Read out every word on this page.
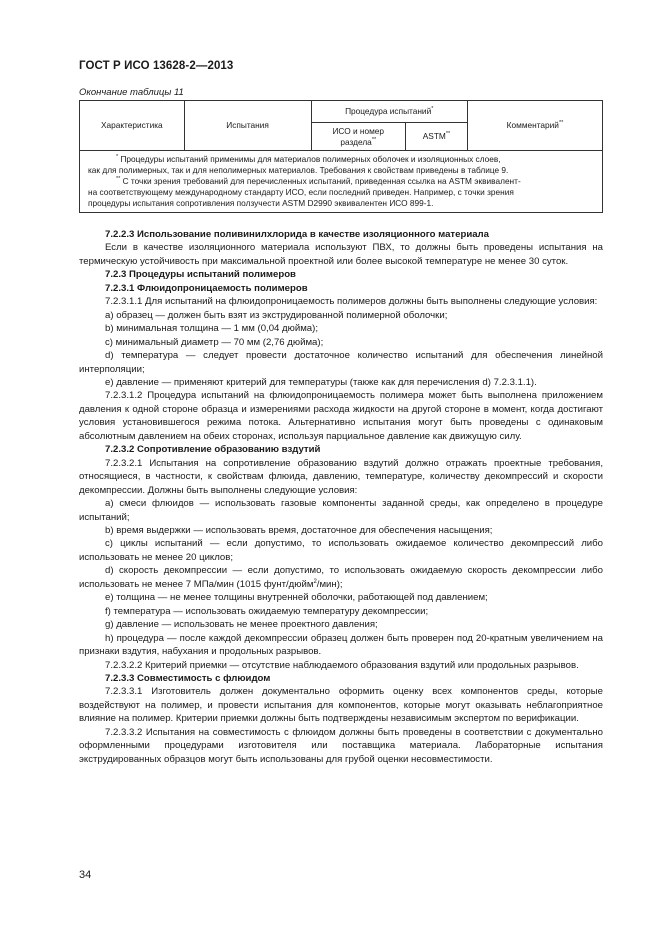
ГОСТ Р ИСО 13628-2—2013
Окончание таблицы 11
Характеристика	Испытания	Процедура испытаний*		Комментарий**
		ИСО и номер раздела**	ASTM**

* Процедуры испытаний применимы для материалов полимерных оболочек и изоляционных слоев,

как для полимерных, так и для неполимерных материалов. Требования к свойствам приведены в таблице 9.

** С точки зрения требований для перечисленных испытаний, приведенная ссылка на ASTM эквивалент-

на соответствующему международному стандарту ИСО, если последний приведен. Например, с точки зрения

процедуры испытания сопротивления ползучести ASTM D2990 эквивалентен ИСО 899-1.				

7.2.2.3 Использование поливинилхлорида в качестве изоляционного материала

Если в качестве изоляционного материала используют ПВХ, то должны быть проведены испытания на термическую устойчивость при максимальной проектной или более высокой температуре не менее 30 суток.

7.2.3 Процедуры испытаний полимеров

7.2.3.1 Флюидопроницаемость полимеров

7.2.3.1.1 Для испытаний на флюидопроницаемость полимеров должны быть выполнены следующие условия:

a) образец — должен быть взят из экструдированной полимерной оболочки;

b) минимальная толщина — 1 мм (0,04 дюйма);

c) минимальный диаметр — 70 мм (2,76 дюйма);

d) температура — следует провести достаточное количество испытаний для обеспечения линейной интерполяции;

e) давление — применяют критерий для температуры (также как для перечисления d) 7.2.3.1.1).

7.2.3.1.2 Процедура испытаний на флюидопроницаемость полимера может быть выполнена приложением давления к одной стороне образца и измерениями расхода жидкости на другой стороне в момент, когда достигают условия установившегося режима потока. Альтернативно испытания могут быть проведены с одинаковым абсолютным давлением на обеих сторонах, используя парциальное давление как движущую силу.

7.2.3.2 Сопротивление образованию вздутий

7.2.3.2.1 Испытания на сопротивление образованию вздутий должно отражать проектные требования, относящиеся, в частности, к свойствам флюида, давлению, температуре, количеству декомпрессий и скорости декомпрессии. Должны быть выполнены следующие условия:

a) смеси флюидов — использовать газовые компоненты заданной среды, как определено в процедуре испытаний;

b) время выдержки — использовать время, достаточное для обеспечения насыщения;

c) циклы испытаний — если допустимо, то использовать ожидаемое количество декомпрессий либо использовать не менее 20 циклов;

d) скорость декомпрессии — если допустимо, то использовать ожидаемую скорость декомпрессии либо использовать не менее 7 МПа/мин (1015 фунт/дюйм$^2$/мин);

e) толщина — не менее толщины внутренней оболочки, работающей под давлением;

f) температура — использовать ожидаемую температуру декомпрессии;

g) давление — использовать не менее проектного давления;

h) процедура — после каждой декомпрессии образец должен быть проверен под 20-кратным увеличением на признаки вздутия, набухания и продольных разрывов.

7.2.3.2.2 Критерий приемки — отсутствие наблюдаемого образования вздутий или продольных разрывов.

7.2.3.3 Совместимость с флюидом

7.2.3.3.1 Изготовитель должен документально оформить оценку всех компонентов среды, которые воздействуют на полимер, и провести испытания для компонентов, которые могут оказывать неблагоприятное влияние на полимер. Критерии приемки должны быть подтверждены независимым экспертом по верификации.

7.2.3.3.2 Испытания на совместимость с флюидом должны быть проведены в соответствии с документально оформленными процедурами изготовителя или поставщика материала. Лабораторные испытания экструдированных образцов могут быть использованы для грубой оценки несовместимости.

34
